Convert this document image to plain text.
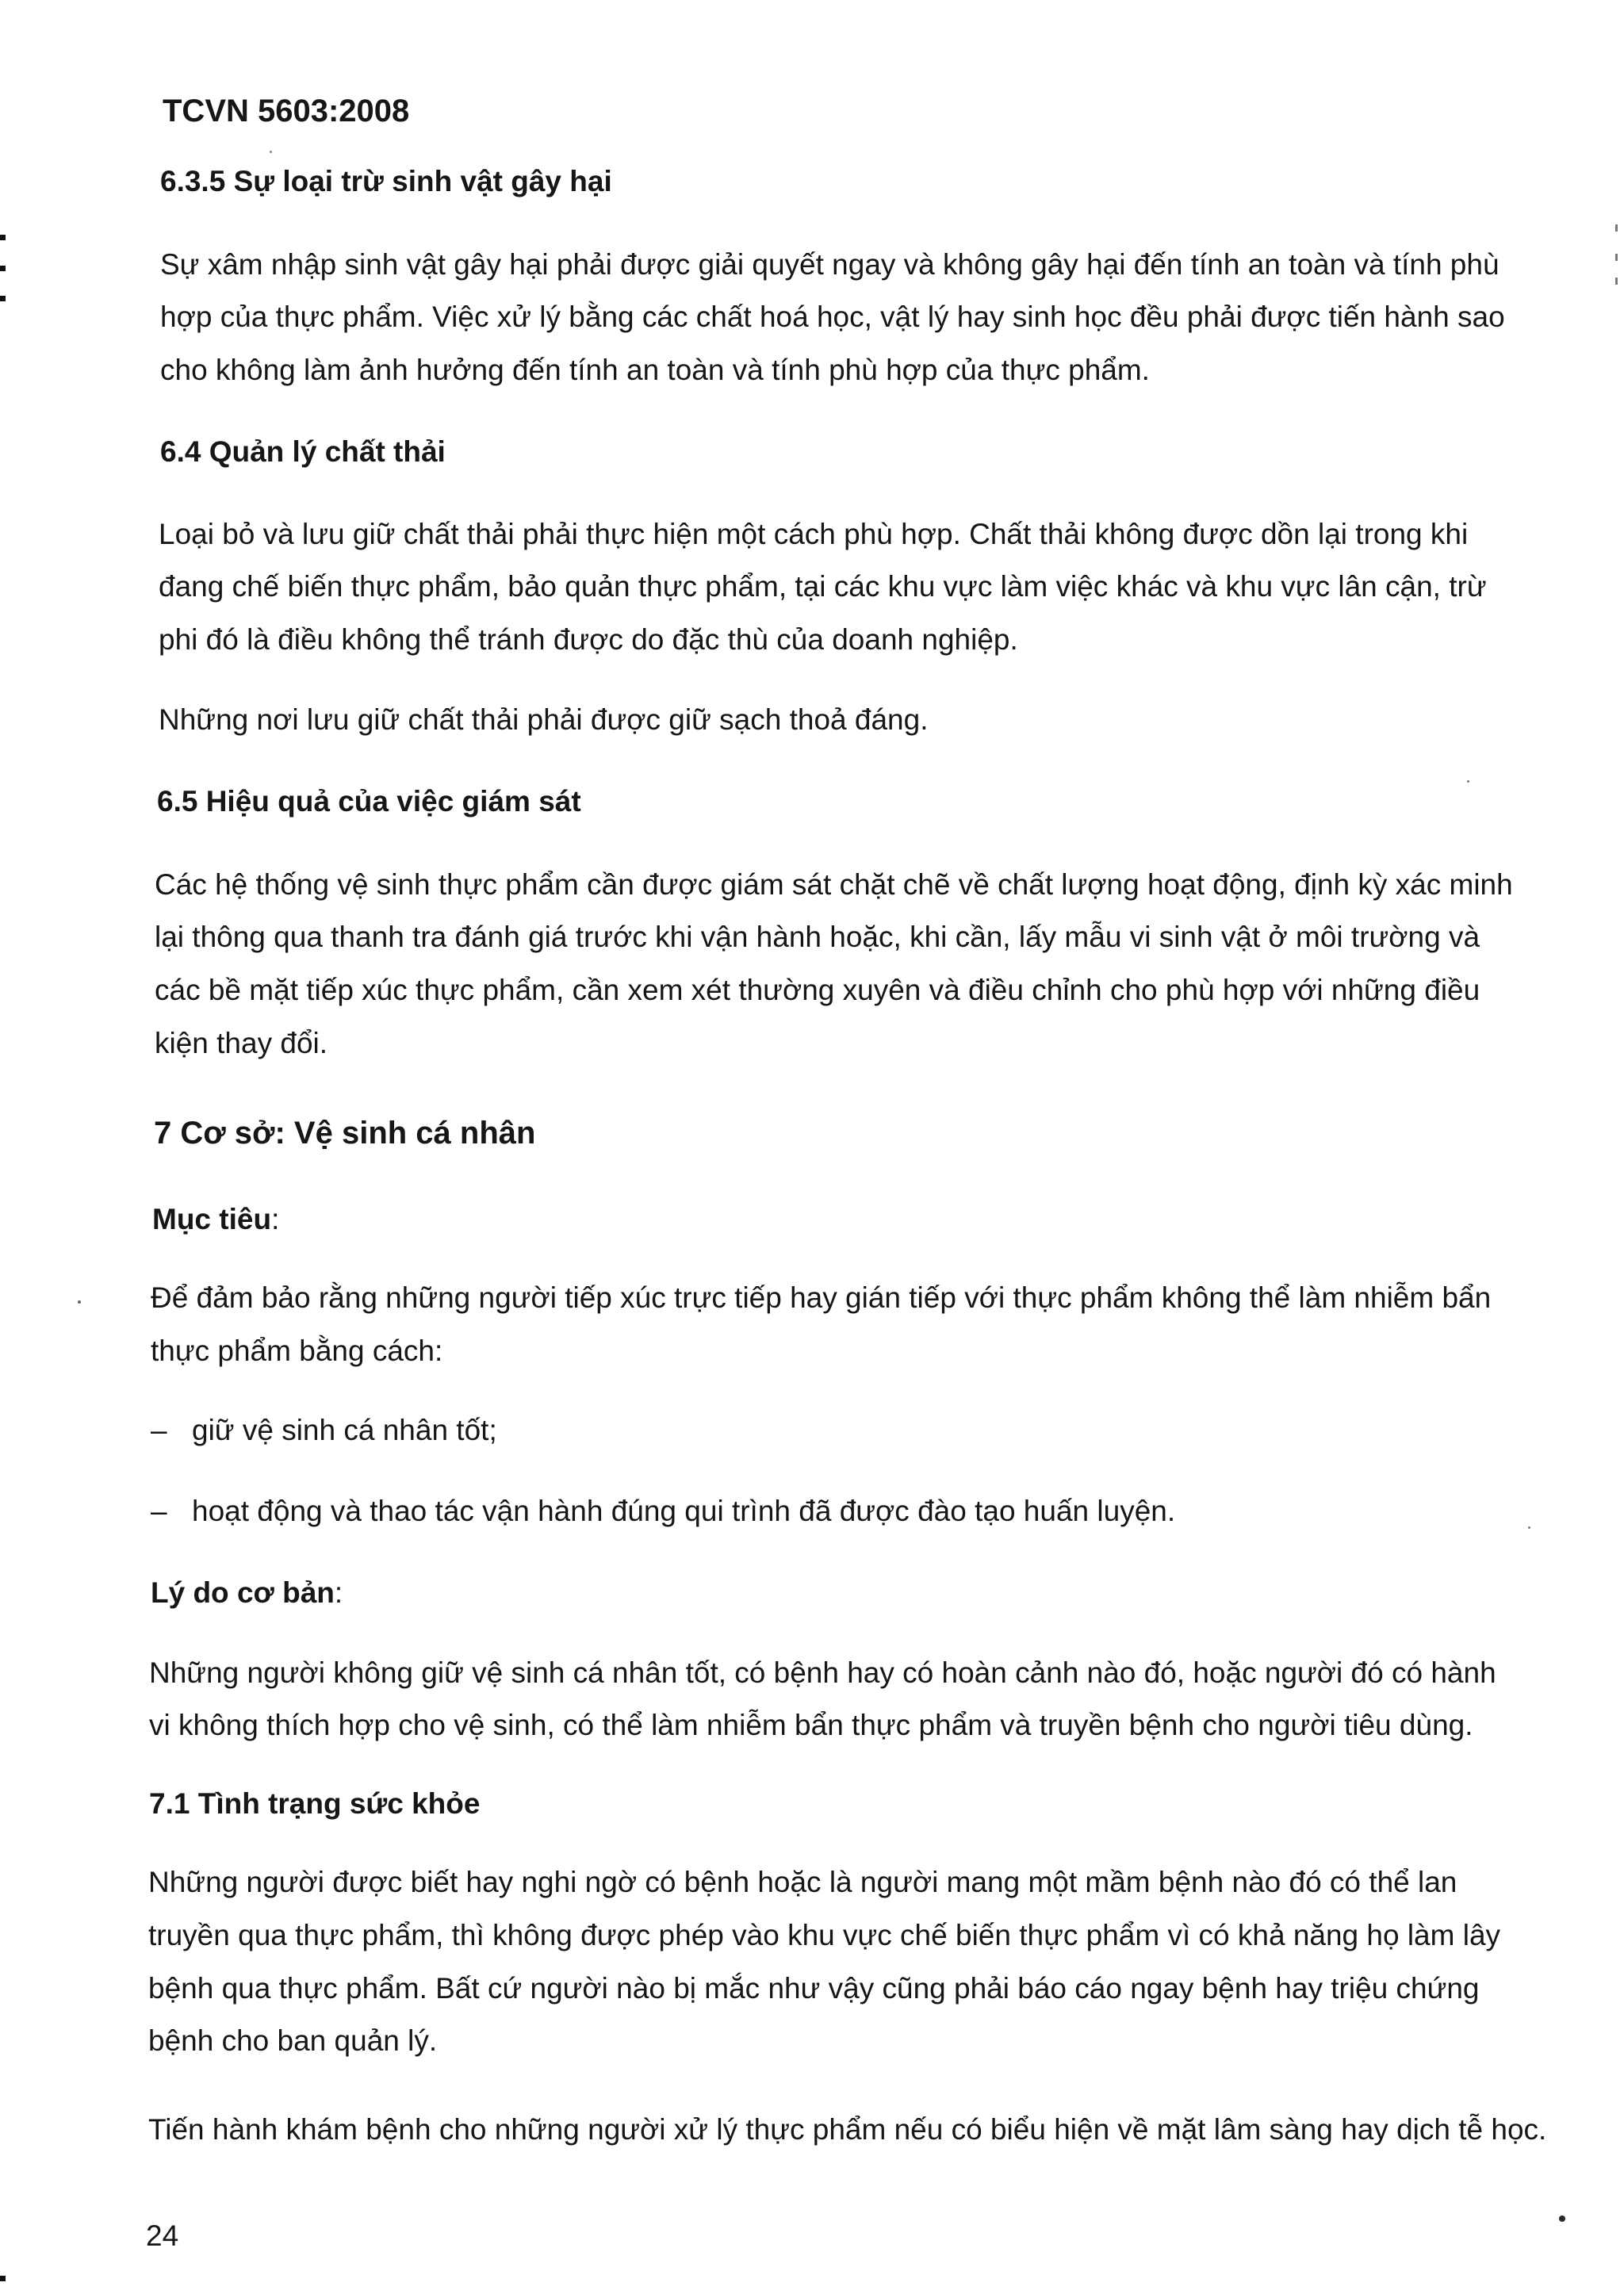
TCVN 5603:2008
6.3.5 Sự loại trừ sinh vật gây hại
Sự xâm nhập sinh vật gây hại phải được giải quyết ngay và không gây hại đến tính an toàn và tính phù
hợp của thực phẩm. Việc xử lý bằng các chất hoá học, vật lý hay sinh học đều phải được tiến hành sao
cho không làm ảnh hưởng đến tính an toàn và tính phù hợp của thực phẩm.
6.4 Quản lý chất thải
Loại bỏ và lưu giữ chất thải phải thực hiện một cách phù hợp. Chất thải không được dồn lại trong khi
đang chế biến thực phẩm, bảo quản thực phẩm, tại các khu vực làm việc khác và khu vực lân cận, trừ
phi đó là điều không thể tránh được do đặc thù của doanh nghiệp.
Những nơi lưu giữ chất thải phải được giữ sạch thoả đáng.
6.5 Hiệu quả của việc giám sát
Các hệ thống vệ sinh thực phẩm cần được giám sát chặt chẽ về chất lượng hoạt động, định kỳ xác minh
lại thông qua thanh tra đánh giá trước khi vận hành hoặc, khi cần, lấy mẫu vi sinh vật ở môi trường và
các bề mặt tiếp xúc thực phẩm, cần xem xét thường xuyên và điều chỉnh cho phù hợp với những điều
kiện thay đổi.
7 Cơ sở: Vệ sinh cá nhân
Mục tiêu:
Để đảm bảo rằng những người tiếp xúc trực tiếp hay gián tiếp với thực phẩm không thể làm nhiễm bẩn
thực phẩm bằng cách:
– giữ vệ sinh cá nhân tốt;
– hoạt động và thao tác vận hành đúng qui trình đã được đào tạo huấn luyện.
Lý do cơ bản:
Những người không giữ vệ sinh cá nhân tốt, có bệnh hay có hoàn cảnh nào đó, hoặc người đó có hành
vi không thích hợp cho vệ sinh, có thể làm nhiễm bẩn thực phẩm và truyền bệnh cho người tiêu dùng.
7.1 Tình trạng sức khỏe
Những người được biết hay nghi ngờ có bệnh hoặc là người mang một mầm bệnh nào đó có thể lan
truyền qua thực phẩm, thì không được phép vào khu vực chế biến thực phẩm vì có khả năng họ làm lây
bệnh qua thực phẩm. Bất cứ người nào bị mắc như vậy cũng phải báo cáo ngay bệnh hay triệu chứng
bệnh cho ban quản lý.
Tiến hành khám bệnh cho những người xử lý thực phẩm nếu có biểu hiện về mặt lâm sàng hay dịch tễ học.
24
